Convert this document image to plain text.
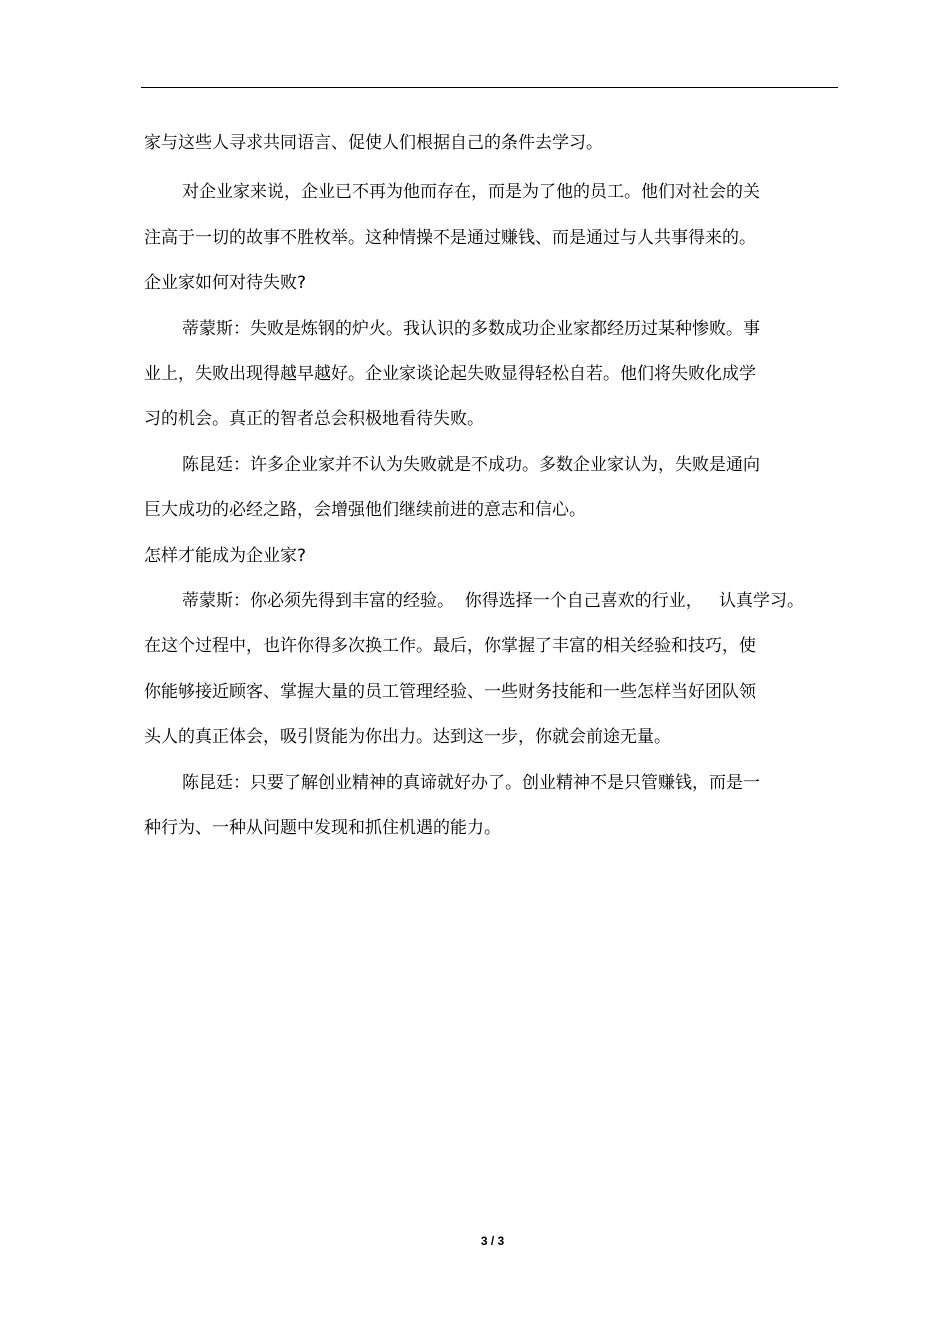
家与这些人寻求共同语言、促使人们根据自己的条件去学习。
对企业家来说，企业已不再为他而存在，而是为了他的员工。他们对社会的关
注高于一切的故事不胜枚举。这种情操不是通过赚钱、而是通过与人共事得来的。
企业家如何对待失败?
蒂蒙斯：失败是炼钢的炉火。我认识的多数成功企业家都经历过某种惨败。事
业上，失败出现得越早越好。企业家谈论起失败显得轻松自若。他们将失败化成学
习的机会。真正的智者总会积极地看待失败。
陈昆廷：许多企业家并不认为失败就是不成功。多数企业家认为，失败是通向
巨大成功的必经之路，会增强他们继续前进的意志和信心。
怎样才能成为企业家?
蒂蒙斯：你必须先得到丰富的经验。  你得选择一个自己喜欢的行业，   认真学习。
在这个过程中，也许你得多次换工作。最后，你掌握了丰富的相关经验和技巧，使
你能够接近顾客、掌握大量的员工管理经验、一些财务技能和一些怎样当好团队领
头人的真正体会，吸引贤能为你出力。达到这一步，你就会前途无量。
陈昆廷：只要了解创业精神的真谛就好办了。创业精神不是只管赚钱，而是一
种行为、一种从问题中发现和抓住机遇的能力。
3 / 3
